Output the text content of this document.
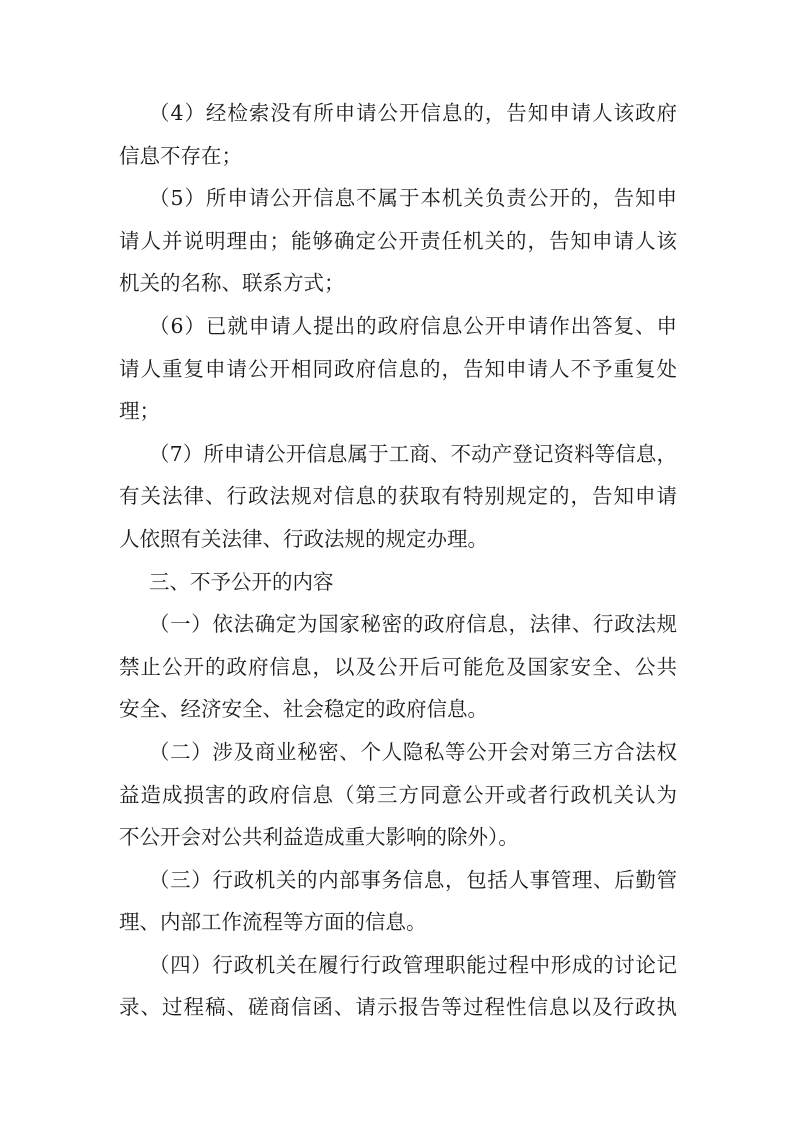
（4）经检索没有所申请公开信息的，告知申请人该政府
信息不存在；
（5）所申请公开信息不属于本机关负责公开的，告知申
请人并说明理由；能够确定公开责任机关的，告知申请人该
机关的名称、联系方式；
（6）已就申请人提出的政府信息公开申请作出答复、申
请人重复申请公开相同政府信息的，告知申请人不予重复处
理；
（7）所申请公开信息属于工商、不动产登记资料等信息，
有关法律、行政法规对信息的获取有特别规定的，告知申请
人依照有关法律、行政法规的规定办理。
三、不予公开的内容
（一）依法确定为国家秘密的政府信息，法律、行政法规
禁止公开的政府信息，以及公开后可能危及国家安全、公共
安全、经济安全、社会稳定的政府信息。
（二）涉及商业秘密、个人隐私等公开会对第三方合法权
益造成损害的政府信息（第三方同意公开或者行政机关认为
不公开会对公共利益造成重大影响的除外）。
（三）行政机关的内部事务信息，包括人事管理、后勤管
理、内部工作流程等方面的信息。
（四）行政机关在履行行政管理职能过程中形成的讨论记
录、过程稿、磋商信函、请示报告等过程性信息以及行政执
